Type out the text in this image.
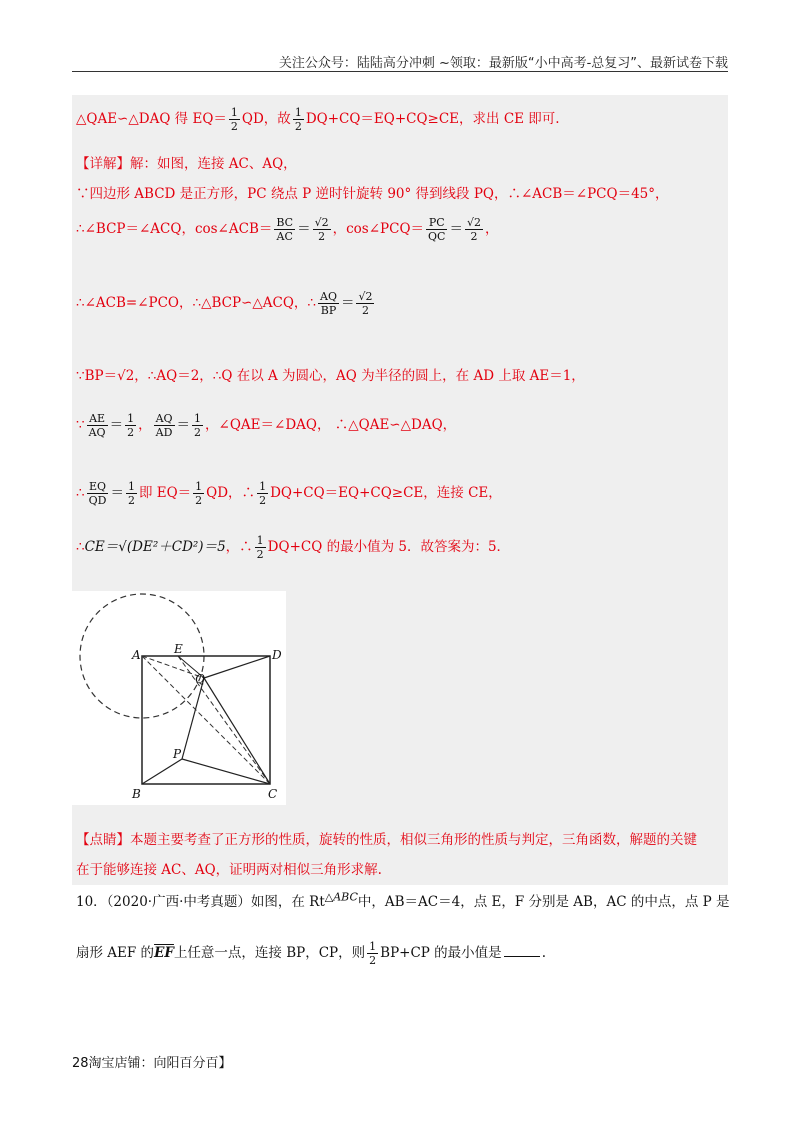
关注公众号：陆陆高分冲刺 ~领取：最新版“小中高考-总复习”、最新试卷下载
△QAE∽△DAQ 得 $EQ= \frac{1}{2}$ QD，故 $\frac{1}{2} DQ+CQ=EQ+CQ\ge CE$，求出 CE 即可.
【详解】解：如图，连接 AC、AQ，
∵四边形 ABCD 是正方形，PC 绕点 P 逆时针旋转 90° 得到线段 PQ，∴∠ACB＝∠PCQ＝45°，
∴∠BCP＝∠ACQ，cos∠ACB＝ $\frac{BC}{AC} = \frac{√2}{2}$ ，cos∠PCQ＝ $\frac{PC}{QC} = \frac{√2}{2}$ ，
∴∠ACB=∠PCO，∴△BCP∽△ACQ，∴ $\frac{AQ}{BP} = \frac{√2}{2}$
∵BP＝√2，∴AQ＝2，∴Q 在以 A 为圆心，AQ 为半径的圆上，在 AD 上取 AE＝1，
∵ $\frac{AE}{AQ} = \frac{1}{2}$ ， $\frac{AQ}{AD} = \frac{1}{2}$ ，∠QAE＝∠DAQ， ∴△QAE∽△DAQ，
∴ $\frac{EQ}{QD} = \frac{1}{2}$ 即 $EQ= \frac{1}{2}$ QD，∴ $\frac{1}{2} DQ+CQ=EQ+CQ\ge CE$，连接 CE，
∴CE＝√(DE²＋CD²)＝5，∴ $\frac{1}{2} DQ+CQ$ 的最小值为 5．故答案为：5．
A	E	D
Q
P
B	C
【点睛】本题主要考查了正方形的性质，旋转的性质，相似三角形的性质与判定，三角函数，解题的关键
在于能够连接 AC、AQ，证明两对相似三角形求解.
10．（2020·广西·中考真题）如图，在 $Rt^{\triangle ABC}$中，AB＝AC＝4，点 E，F 分别是 AB，AC 的中点，点 P 是
扇形 AEF 的$\overline{EF}$上任意一点，连接 BP，CP，则 $\frac{1}{2} BP+CP$ 的最小值是	.
28淘宝店铺：向阳百分百】
